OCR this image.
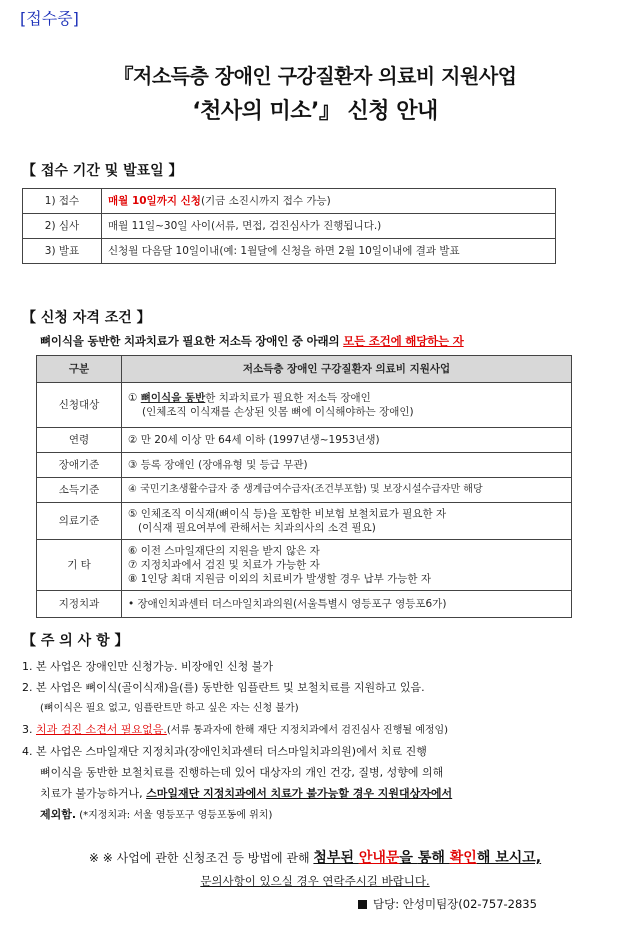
[접수중]
『저소득층 장애인 구강질환자 의료비 지원사업
‘천사의 미소’』 신청 안내
【 접수 기간 및 발표일 】
1) 접수	매월 10일까지 신청(기금 소진시까지 접수 가능)
2) 심사	매월 11일~30일 사이(서류, 면접, 검진심사가 진행됩니다.)
3) 발표	신청월 다음달 10일이내(예: 1월달에 신청을 하면 2월 10일이내에 결과 발표
【 신청 자격 조건 】
뼈이식을 동반한 치과치료가 필요한 저소득 장애인 중 아래의 모든 조건에 해당하는 자
구분	저소득층 장애인 구강질환자 의료비 지원사업
신청대상	① 뼈이식을 동반한 치과치료가 필요한 저소득 장애인
(인체조직 이식재를 손상된 잇몸 뼈에 이식해야하는 장애인)

연령	② 만 20세 이상 만 64세 이하 (1997년생~1953년생)
장애기준	③ 등록 장애인 (장애유형 및 등급 무관)
소득기준	④ 국민기초생활수급자 중 생계급여수급자(조건부포함) 및 보장시설수급자만 해당
의료기준	⑤ 인체조직 이식재(뼈이식 등)을 포함한 비보험 보철치료가 필요한 자
(이식재 필요여부에 관해서는 치과의사의 소견 필요)

기 타	⑥ 이전 스마일재단의 지원을 받지 않은 자
⑦ 지정치과에서 검진 및 치료가 가능한 자
⑧ 1인당 최대 지원금 이외의 치료비가 발생할 경우 납부 가능한 자

지정치과	• 장애인치과센터 더스마일치과의원(서울특별시 영등포구 영등포6가)
【 주 의 사 항 】
1. 본 사업은 장애인만 신청가능. 비장애인 신청 불가
2. 본 사업은 뼈이식(골이식재)을(를) 동반한 임플란트 및 보철치료를 지원하고 있음.
(뼈이식은 필요 없고, 임플란트만 하고 싶은 자는 신청 불가)
3. 치과 검진 소견서 필요없음.(서류 통과자에 한해 재단 지정치과에서 검진심사 진행될 예정임)
4. 본 사업은 스마일재단 지정치과(장애인치과센터 더스마일치과의원)에서 치료 진행
뼈이식을 동반한 보철치료를 진행하는데 있어 대상자의 개인 건강, 질병, 성향에 의해
치료가 불가능하거나, 스마일재단 지정치과에서 치료가 불가능할 경우 지원대상자에서
제외함. (*지정치과: 서울 영등포구 영등포동에 위치)
※ ※ 사업에 관한 신청조건 등 방법에 관해 첨부된 안내문을 통해 확인해 보시고,
문의사항이 있으실 경우 연락주시길 바랍니다.
담당: 안성미팀장(02-757-2835
